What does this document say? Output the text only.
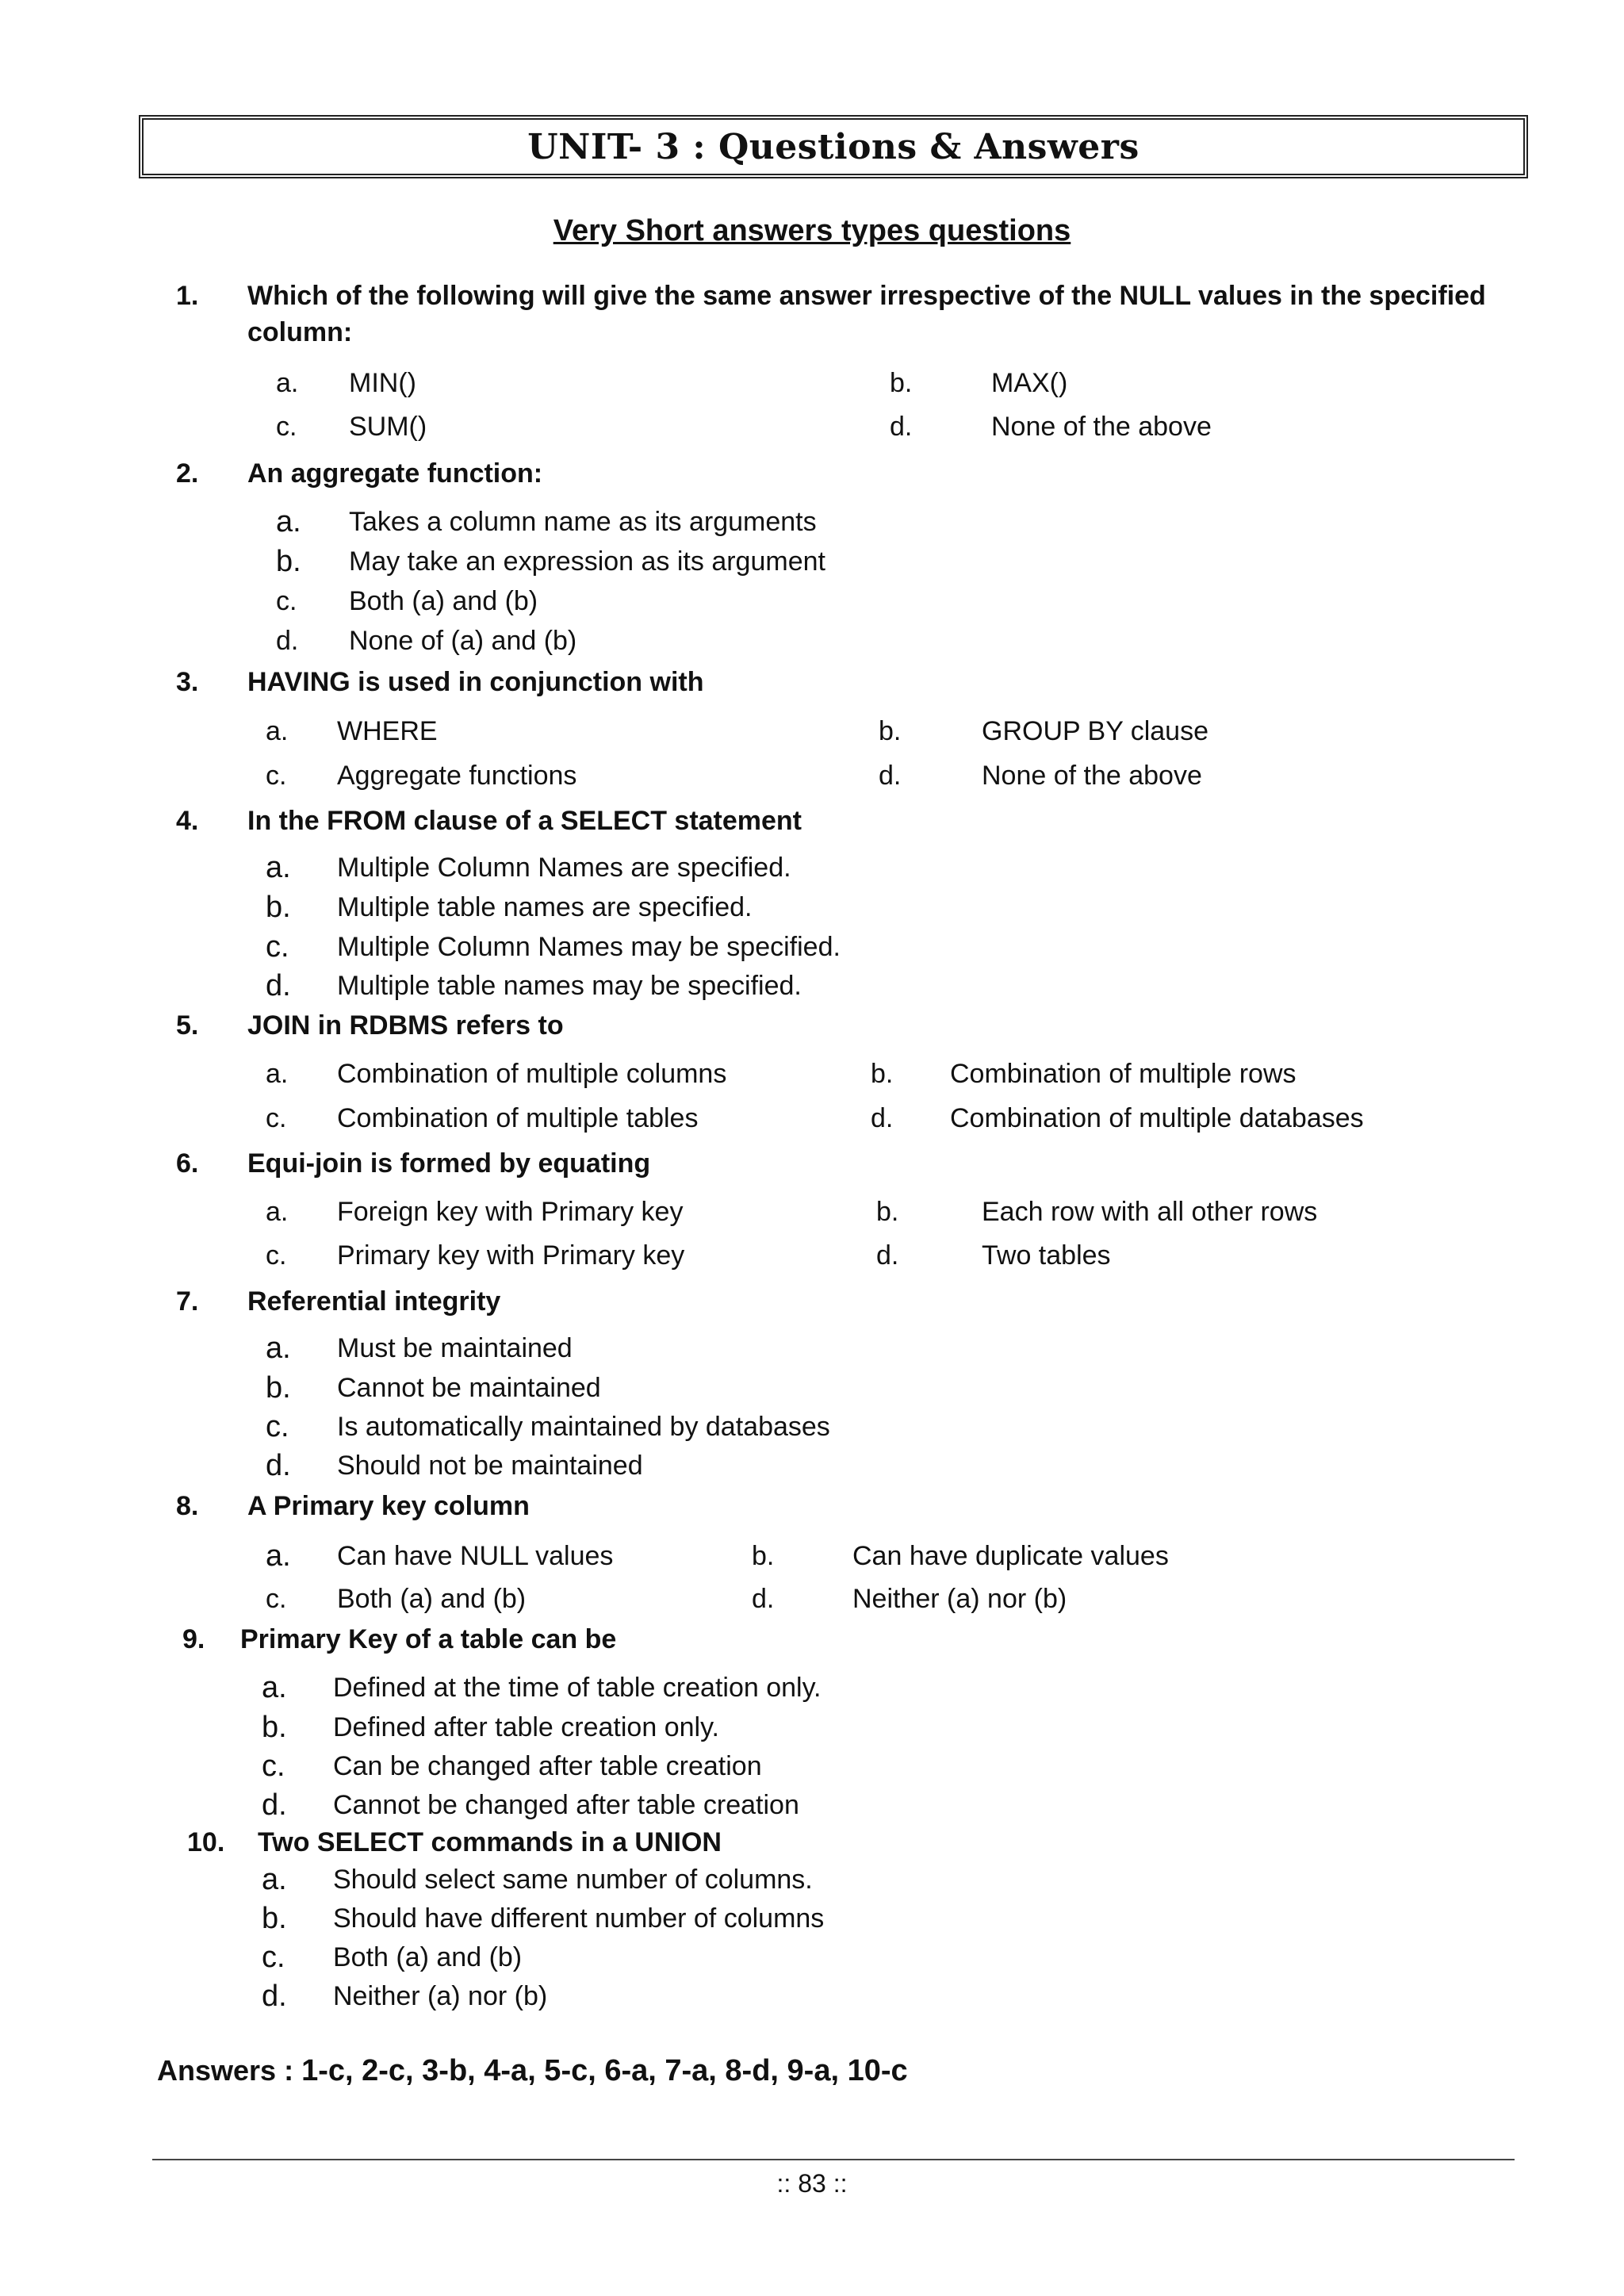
UNIT- 3 : Questions & Answers
Very Short answers types questions
1.	Which of the following will give the same answer irrespective of the NULL values in the specified
column:
a. MIN()	b.	MAX()
c. SUM()	d.	None of the above
2. An aggregate function:
a. Takes a column name as its arguments
b. May take an expression as its argument
c. Both (a) and (b)
d. None of (a) and (b)
3. HAVING is used in conjunction with
a. WHERE	b.	GROUP BY clause
c. Aggregate functions	d.	None of the above
4. In the FROM clause of a SELECT statement
a. Multiple Column Names are specified.
b. Multiple table names are specified.
c. Multiple Column Names may be specified.
d. Multiple table names may be specified.
5. JOIN in RDBMS refers to
a. Combination of multiple columns	b. Combination of multiple rows
c. Combination of multiple tables	d. Combination of multiple databases
6. Equi-join is formed by equating
a. Foreign key with Primary key	b.	Each row with all other rows
c. Primary key with Primary key	d.	Two tables
7. Referential integrity
a. Must be maintained
b. Cannot be maintained
c. Is automatically maintained by databases
d. Should not be maintained
8. A Primary key column
a. Can have NULL values	b.	Can have duplicate values
c. Both (a) and (b)	d.	Neither (a) nor (b)
9. Primary Key of a table can be
a. Defined at the time of table creation only.
b. Defined after table creation only.
c. Can be changed after table creation
d. Cannot be changed after table creation
10. Two SELECT commands in a UNION
a. Should select same number of columns.
b. Should have different number of columns
c. Both (a) and (b)
d. Neither (a) nor (b)
Answers : 1-c, 2-c, 3-b, 4-a, 5-c, 6-a, 7-a, 8-d, 9-a, 10-c
:: 83 ::
